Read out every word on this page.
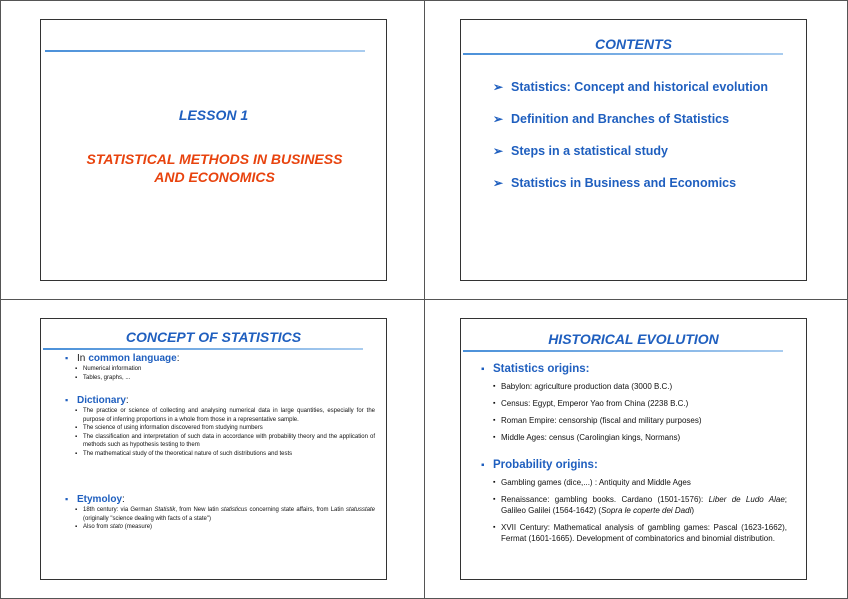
LESSON 1
STATISTICAL METHODS IN BUSINESS
AND ECONOMICS
CONTENTS
➢ Statistics: Concept and historical evolution
➢ Definition and Branches of Statistics
➢ Steps in a statistical study
➢ Statistics in Business and Economics
CONCEPT OF STATISTICS
▪ In common language :
▪ Numerical information
▪ Tables, graphs, ...
▪ Dictionary :
▪ The practice or science of collecting and analysing numerical data in large quantities, especially for the purpose of inferring proportions in a whole from those in a representative sample.
▪ The science of using information discovered from studying numbers
▪ The classification and interpretation of such data in accordance with probability theory and the application of methods such as hypothesis testing to them
▪ The mathematical study of the theoretical nature of such distributions and tests
▪ Etymoloy :
▪ 18th century: via German Statistik, from New latin statisticus concerning state affairs, from Latin statusstate (originally "science dealing with facts of a state")
▪ Also from stato (measure)
HISTORICAL EVOLUTION
▪ Statistics origins:
▪ Babylon: agriculture production data (3000 B.C.)
▪ Census: Egypt, Emperor Yao from China (2238 B.C.)
▪ Roman Empire: censorship (fiscal and military purposes)
▪ Middle Ages: census (Carolingian kings, Normans)
▪ Probability origins:
▪ Gambling games (dice,...) : Antiquity and Middle Ages
▪ Renaissance: gambling books. Cardano (1501-1576): Liber de Ludo Alae; Galileo Galilei (1564-1642) (Sopra le coperte dei Dadi)
▪ XVII Century: Mathematical analysis of gambling games: Pascal (1623-1662), Fermat (1601-1665). Development of combinatorics and binomial distribution.
